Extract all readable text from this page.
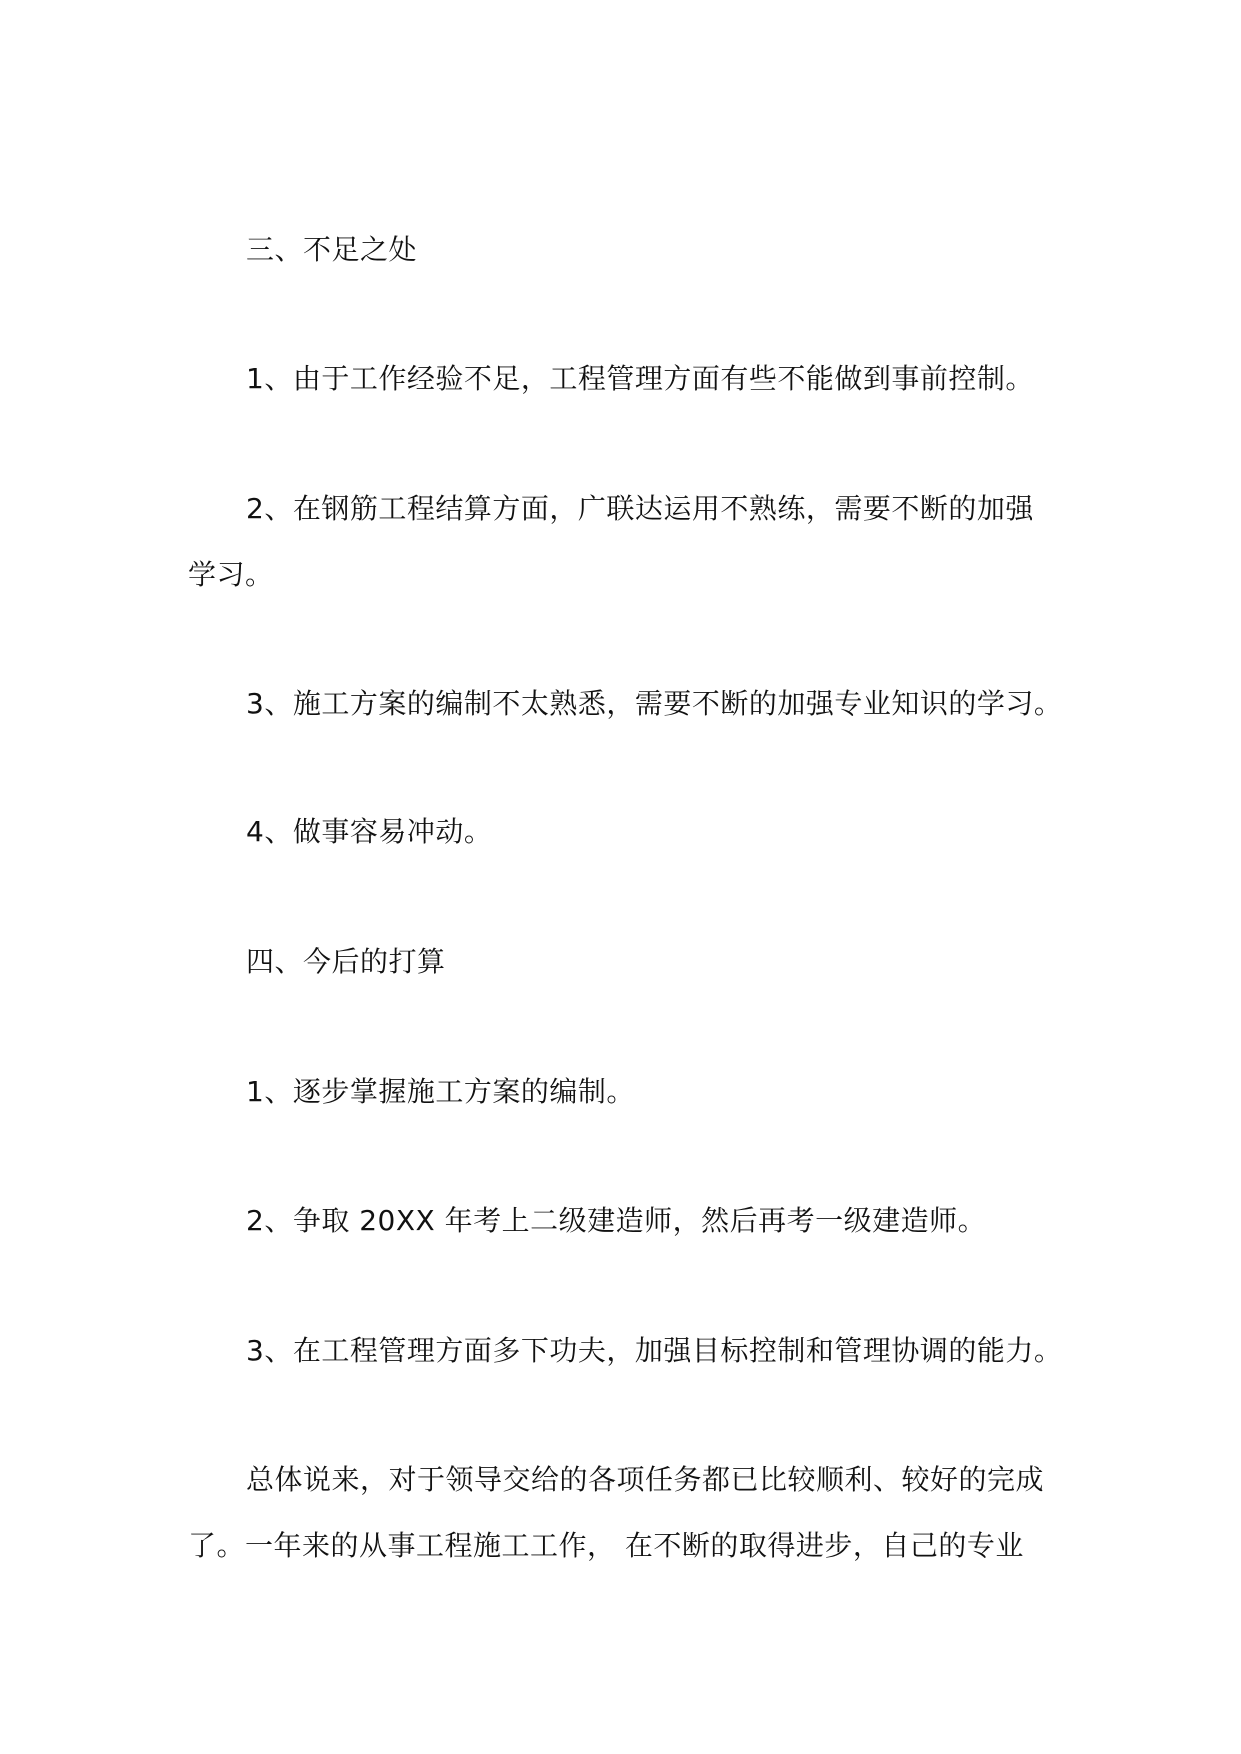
三、不足之处
1、由于工作经验不足，工程管理方面有些不能做到事前控制。
2、在钢筋工程结算方面，广联达运用不熟练，需要不断的加强
学习。
3、施工方案的编制不太熟悉，需要不断的加强专业知识的学习。
4、做事容易冲动。
四、今后的打算
1、逐步掌握施工方案的编制。
2、争取 20XX 年考上二级建造师，然后再考一级建造师。
3、在工程管理方面多下功夫，加强目标控制和管理协调的能力。
总体说来，对于领导交给的各项任务都已比较顺利、较好的完成
了。一年来的从事工程施工工作， 在不断的取得进步，自己的专业
